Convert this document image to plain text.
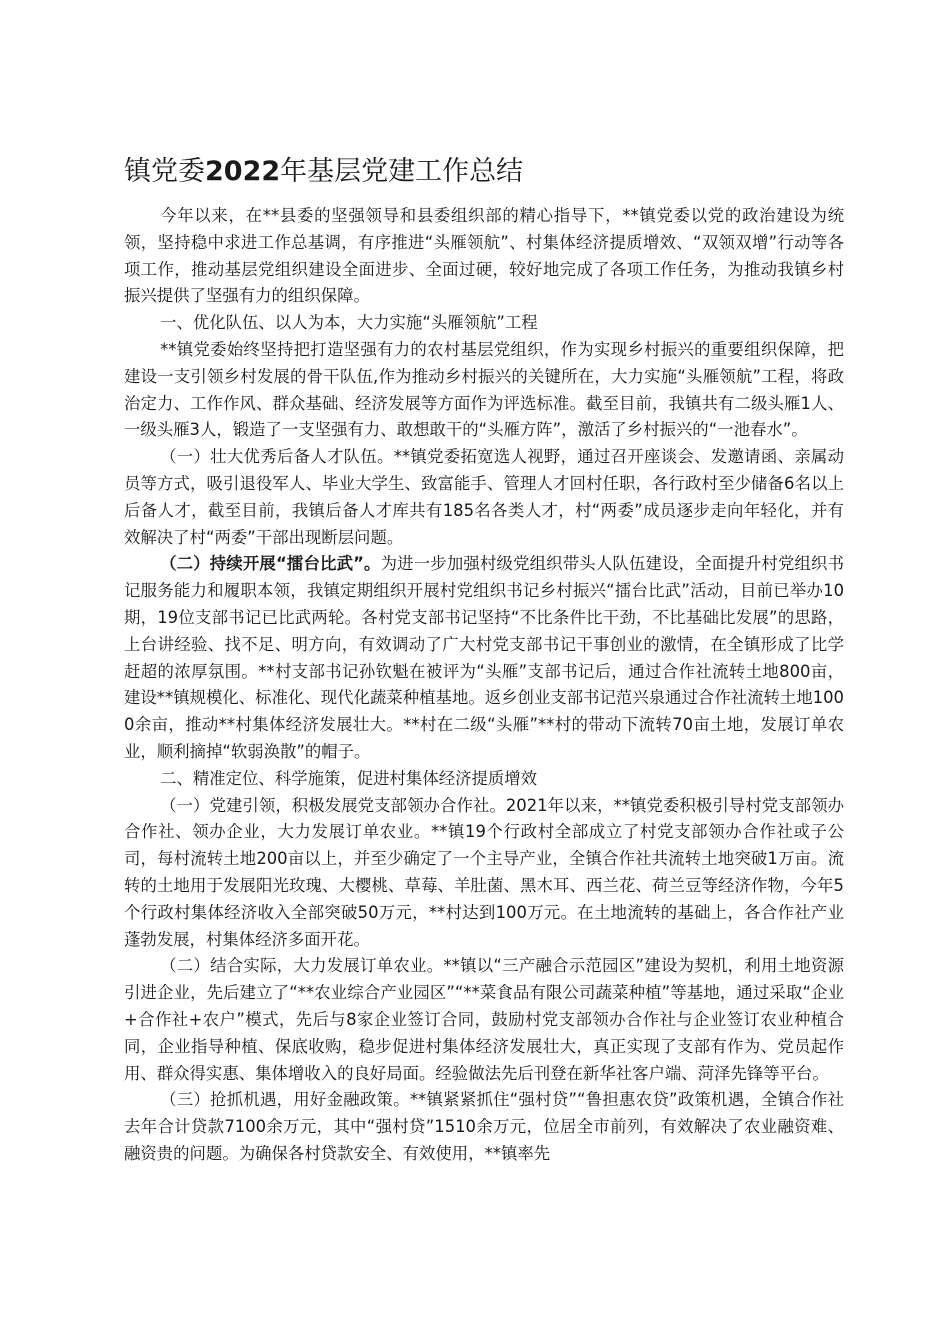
镇党委2022年基层党建工作总结

今年以来，在**县委的坚强领导和县委组织部的精心指导下，**镇党委以党的政治建设为统领，坚持稳中求进工作总基调，有序推进“头雁领航”、村集体经济提质增效、“双领双增”行动等各项工作，推动基层党组织建设全面进步、全面过硬，较好地完成了各项工作任务，为推动我镇乡村振兴提供了坚强有力的组织保障。

一、优化队伍、以人为本，大力实施“头雁领航”工程

**镇党委始终坚持把打造坚强有力的农村基层党组织，作为实现乡村振兴的重要组织保障，把建设一支引领乡村发展的骨干队伍,作为推动乡村振兴的关键所在，大力实施“头雁领航”工程，将政治定力、工作作风、群众基础、经济发展等方面作为评选标准。截至目前，我镇共有二级头雁1人、一级头雁3人，锻造了一支坚强有力、敢想敢干的“头雁方阵”，激活了乡村振兴的“一池春水”。

（一）壮大优秀后备人才队伍。**镇党委拓宽选人视野，通过召开座谈会、发邀请函、亲属动员等方式，吸引退役军人、毕业大学生、致富能手、管理人才回村任职，各行政村至少储备6名以上后备人才，截至目前，我镇后备人才库共有185名各类人才，村“两委”成员逐步走向年轻化，并有效解决了村“两委”干部出现断层问题。

（二）持续开展“擂台比武”。为进一步加强村级党组织带头人队伍建设，全面提升村党组织书记服务能力和履职本领，我镇定期组织开展村党组织书记乡村振兴“擂台比武”活动，目前已举办10期，19位支部书记已比武两轮。各村党支部书记坚持“不比条件比干劲，不比基础比发展”的思路，上台讲经验、找不足、明方向，有效调动了广大村党支部书记干事创业的激情，在全镇形成了比学赶超的浓厚氛围。**村支部书记孙钦魁在被评为“头雁”支部书记后，通过合作社流转土地800亩，建设**镇规模化、标准化、现代化蔬菜种植基地。返乡创业支部书记范兴泉通过合作社流转土地1000余亩，推动**村集体经济发展壮大。**村在二级“头雁”**村的带动下流转70亩土地，发展订单农业，顺利摘掉“软弱涣散”的帽子。

二、精准定位、科学施策，促进村集体经济提质增效

（一）党建引领，积极发展党支部领办合作社。2021年以来，**镇党委积极引导村党支部领办合作社、领办企业，大力发展订单农业。**镇19个行政村全部成立了村党支部领办合作社或子公司，每村流转土地200亩以上，并至少确定了一个主导产业，全镇合作社共流转土地突破1万亩。流转的土地用于发展阳光玫瑰、大樱桃、草莓、羊肚菌、黑木耳、西兰花、荷兰豆等经济作物，今年5个行政村集体经济收入全部突破50万元，**村达到100万元。在土地流转的基础上，各合作社产业蓬勃发展，村集体经济多面开花。

（二）结合实际，大力发展订单农业。**镇以“三产融合示范园区”建设为契机，利用土地资源引进企业，先后建立了“**农业综合产业园区”“**菜食品有限公司蔬菜种植”等基地，通过采取“企业+合作社+农户”模式，先后与8家企业签订合同，鼓励村党支部领办合作社与企业签订农业种植合同，企业指导种植、保底收购，稳步促进村集体经济发展壮大，真正实现了支部有作为、党员起作用、群众得实惠、集体增收入的良好局面。经验做法先后刊登在新华社客户端、菏泽先锋等平台。

（三）抢抓机遇，用好金融政策。**镇紧紧抓住“强村贷”“鲁担惠农贷”政策机遇，全镇合作社去年合计贷款7100余万元，其中“强村贷”1510余万元，位居全市前列，有效解决了农业融资难、融资贵的问题。为确保各村贷款安全、有效使用，**镇率先
